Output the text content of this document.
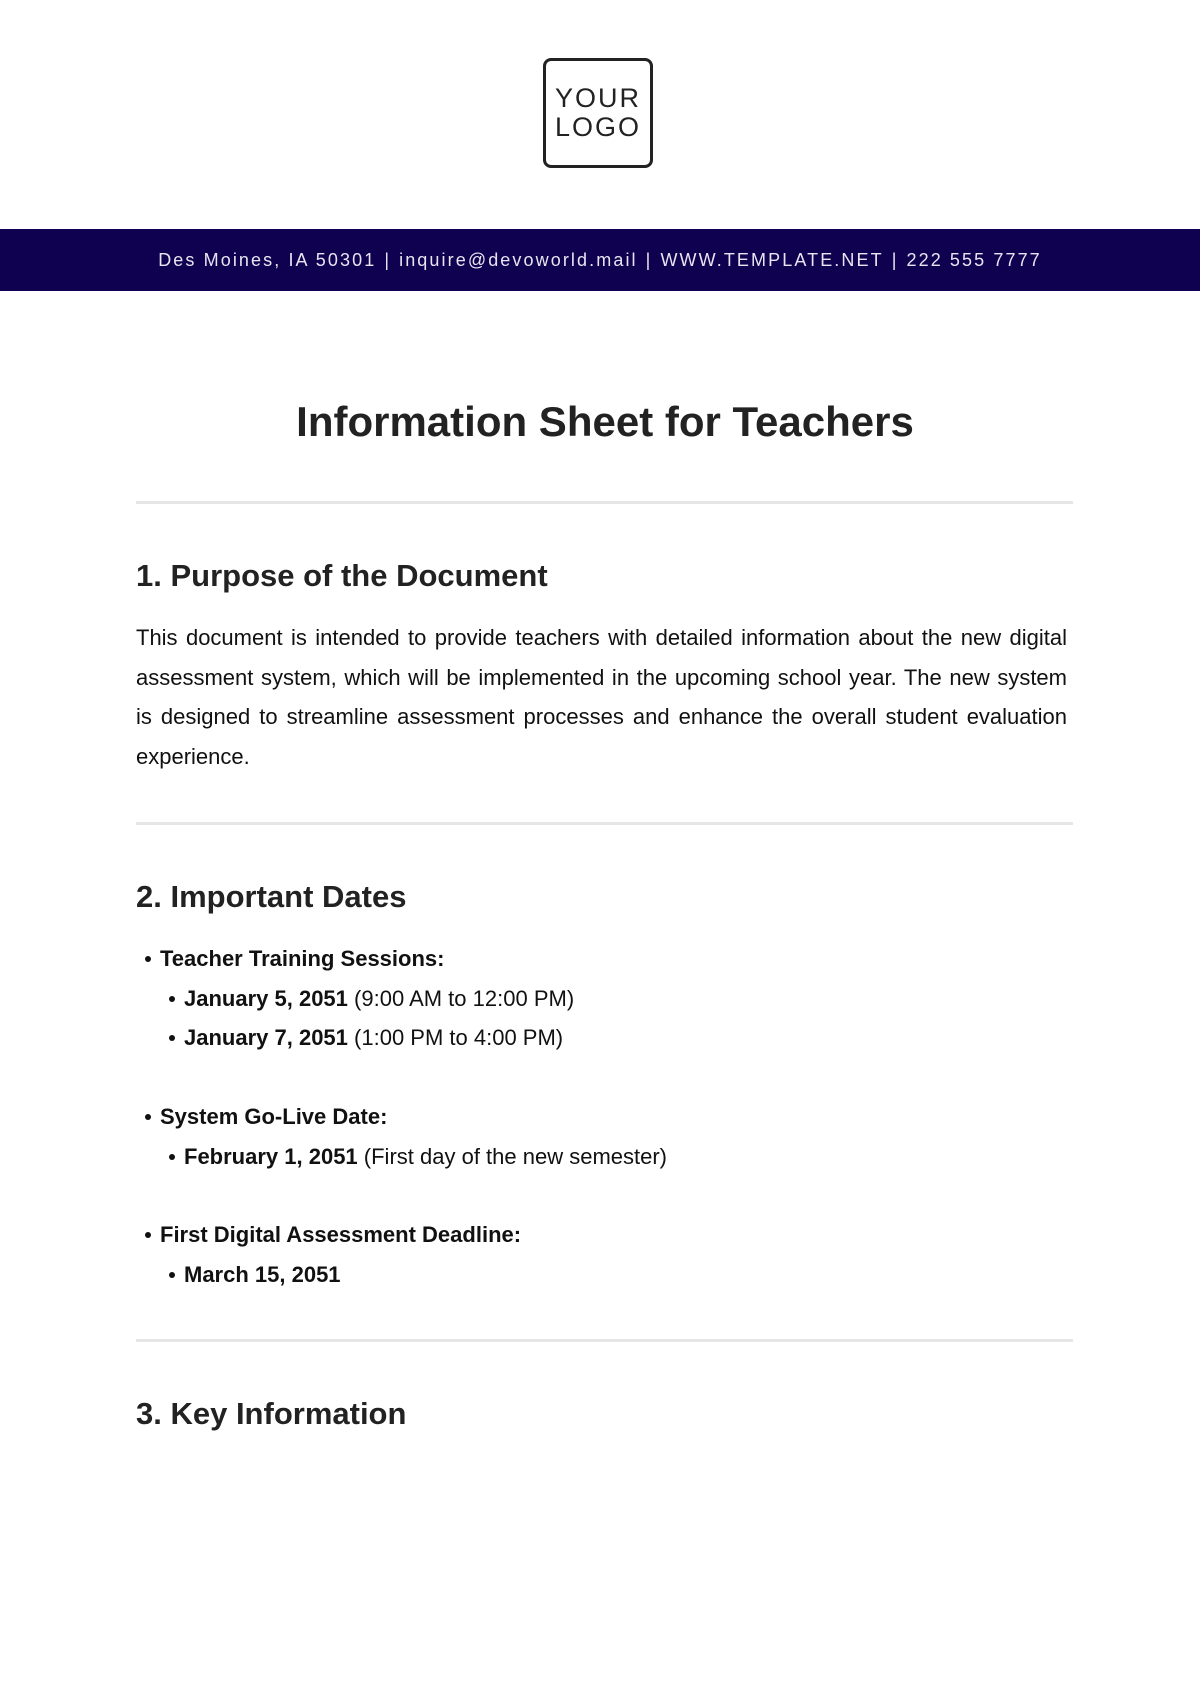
YOUR
LOGO
Des Moines, IA 50301 | inquire@devoworld.mail | WWW.TEMPLATE.NET | 222 555 7777
Information Sheet for Teachers
1. Purpose of the Document

This document is intended to provide teachers with detailed information about the new digital assessment system, which will be implemented in the upcoming school year. The new system is designed to streamline assessment processes and enhance the overall student evaluation experience.

2. Important Dates
Teacher Training Sessions:
January 5, 2051 (9:00 AM to 12:00 PM)
January 7, 2051 (1:00 PM to 4:00 PM)
System Go-Live Date:
February 1, 2051 (First day of the new semester)
First Digital Assessment Deadline:
March 15, 2051
3. Key Information
